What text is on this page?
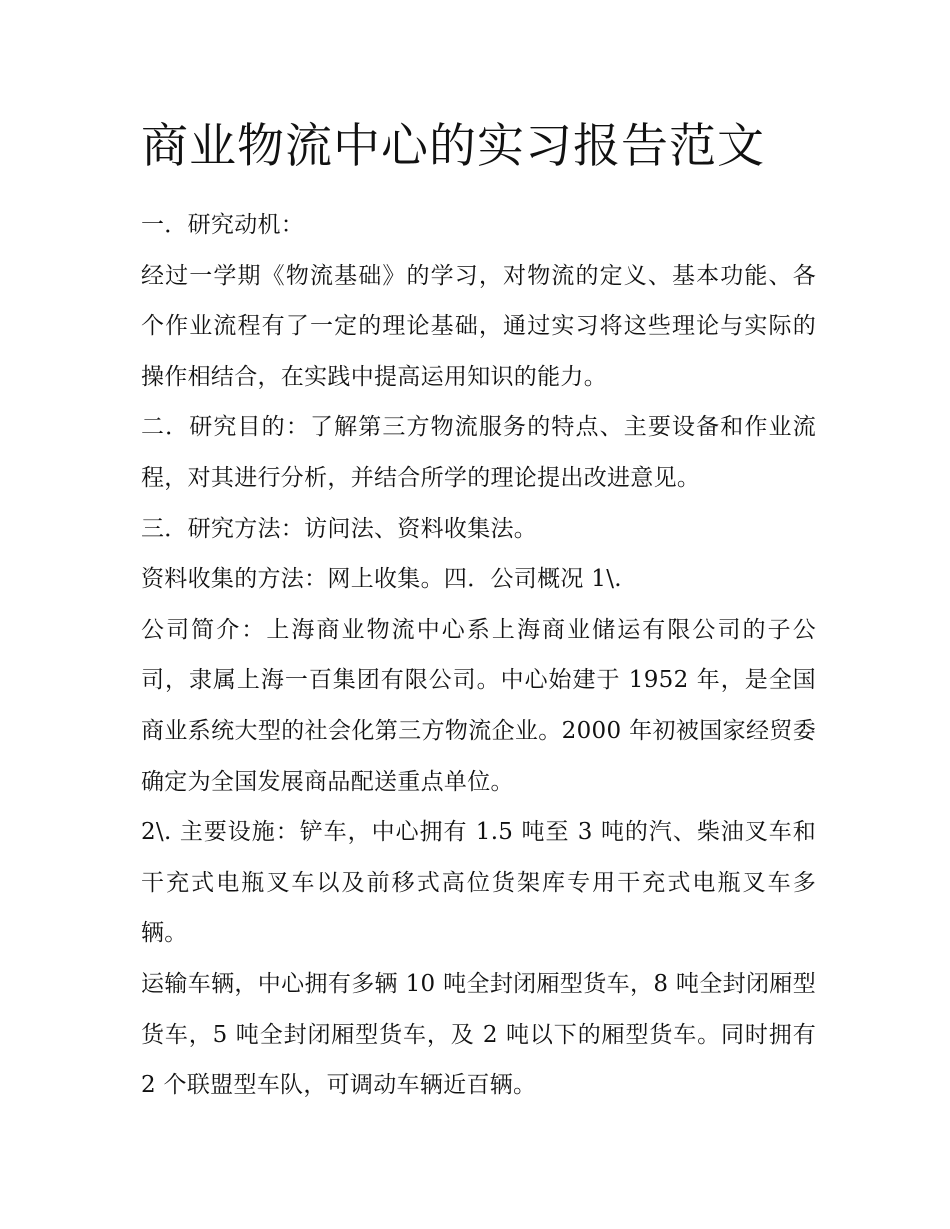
商业物流中心的实习报告范文

一．研究动机：

经过一学期《物流基础》的学习，对物流的定义、基本功能、各个作业流程有了一定的理论基础，通过实习将这些理论与实际的操作相结合，在实践中提高运用知识的能力。

二．研究目的：了解第三方物流服务的特点、主要设备和作业流程，对其进行分析，并结合所学的理论提出改进意见。

三．研究方法：访问法、资料收集法。

资料收集的方法：网上收集。四．公司概况 1\.

公司简介：上海商业物流中心系上海商业储运有限公司的子公司，隶属上海一百集团有限公司。中心始建于 1952 年，是全国商业系统大型的社会化第三方物流企业。2000 年初被国家经贸委确定为全国发展商品配送重点单位。

2\. 主要设施：铲车，中心拥有 1.5 吨至 3 吨的汽、柴油叉车和干充式电瓶叉车以及前移式高位货架库专用干充式电瓶叉车多辆。

运输车辆，中心拥有多辆 10 吨全封闭厢型货车，8 吨全封闭厢型货车，5 吨全封闭厢型货车，及 2 吨以下的厢型货车。同时拥有 2 个联盟型车队，可调动车辆近百辆。
